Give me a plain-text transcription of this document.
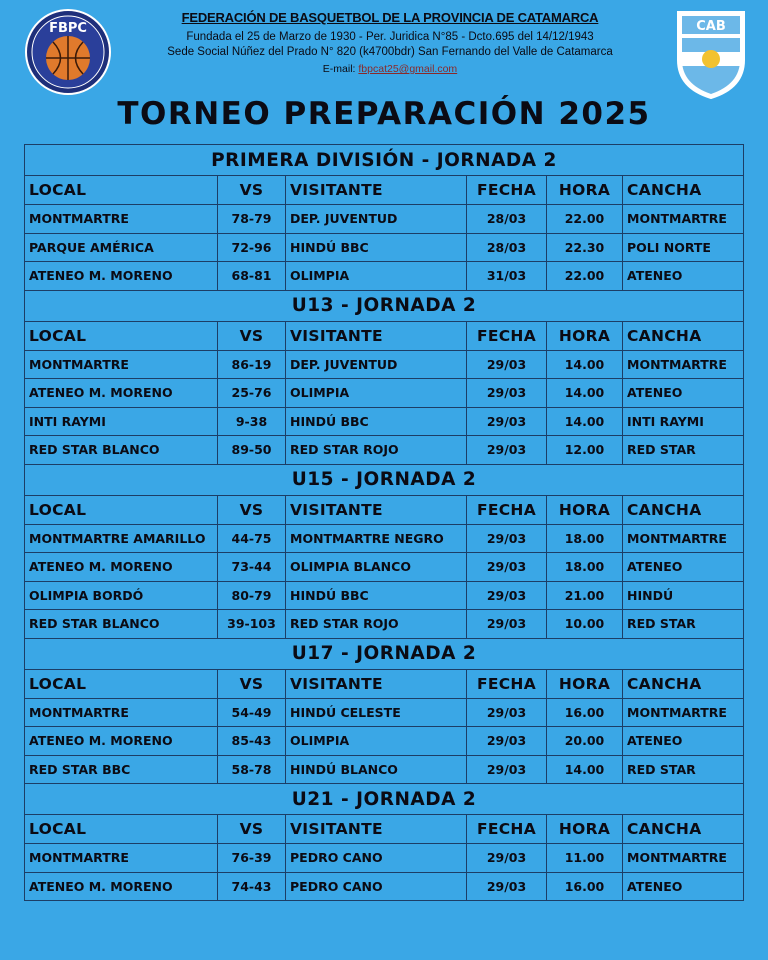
FBPC
FEDERACIÓN DE BASQUETBOL DE LA PROVINCIA DE CATAMARCA
Fundada el 25 de Marzo de 1930 - Per. Juridica N°85 - Dcto.695 del 14/12/1943
Sede Social Núñez del Prado N° 820 (k4700bdr) San Fernando del Valle de Catamarca
E-mail: fbpcat25@gmail.com
CAB
TORNEO PREPARACIÓN 2025
PRIMERA DIVISIÓN - JORNADA 2					
LOCAL	VS	VISITANTE	FECHA	HORA	CANCHA
MONTMARTRE	78-79	DEP. JUVENTUD	28/03	22.00	MONTMARTRE
PARQUE AMÉRICA	72-96	HINDÚ BBC	28/03	22.30	POLI NORTE
ATENEO M. MORENO	68-81	OLIMPIA	31/03	22.00	ATENEO
U13 - JORNADA 2					
LOCAL	VS	VISITANTE	FECHA	HORA	CANCHA
MONTMARTRE	86-19	DEP. JUVENTUD	29/03	14.00	MONTMARTRE
ATENEO M. MORENO	25-76	OLIMPIA	29/03	14.00	ATENEO
INTI RAYMI	9-38	HINDÚ BBC	29/03	14.00	INTI RAYMI
RED STAR BLANCO	89-50	RED STAR ROJO	29/03	12.00	RED STAR
U15 - JORNADA 2					
LOCAL	VS	VISITANTE	FECHA	HORA	CANCHA
MONTMARTRE AMARILLO	44-75	MONTMARTRE NEGRO	29/03	18.00	MONTMARTRE
ATENEO M. MORENO	73-44	OLIMPIA BLANCO	29/03	18.00	ATENEO
OLIMPIA BORDÓ	80-79	HINDÚ BBC	29/03	21.00	HINDÚ
RED STAR BLANCO	39-103	RED STAR ROJO	29/03	10.00	RED STAR
U17 - JORNADA 2					
LOCAL	VS	VISITANTE	FECHA	HORA	CANCHA
MONTMARTRE	54-49	HINDÚ CELESTE	29/03	16.00	MONTMARTRE
ATENEO M. MORENO	85-43	OLIMPIA	29/03	20.00	ATENEO
RED STAR BBC	58-78	HINDÚ BLANCO	29/03	14.00	RED STAR
U21 - JORNADA 2					
LOCAL	VS	VISITANTE	FECHA	HORA	CANCHA
MONTMARTRE	76-39	PEDRO CANO	29/03	11.00	MONTMARTRE
ATENEO M. MORENO	74-43	PEDRO CANO	29/03	16.00	ATENEO
